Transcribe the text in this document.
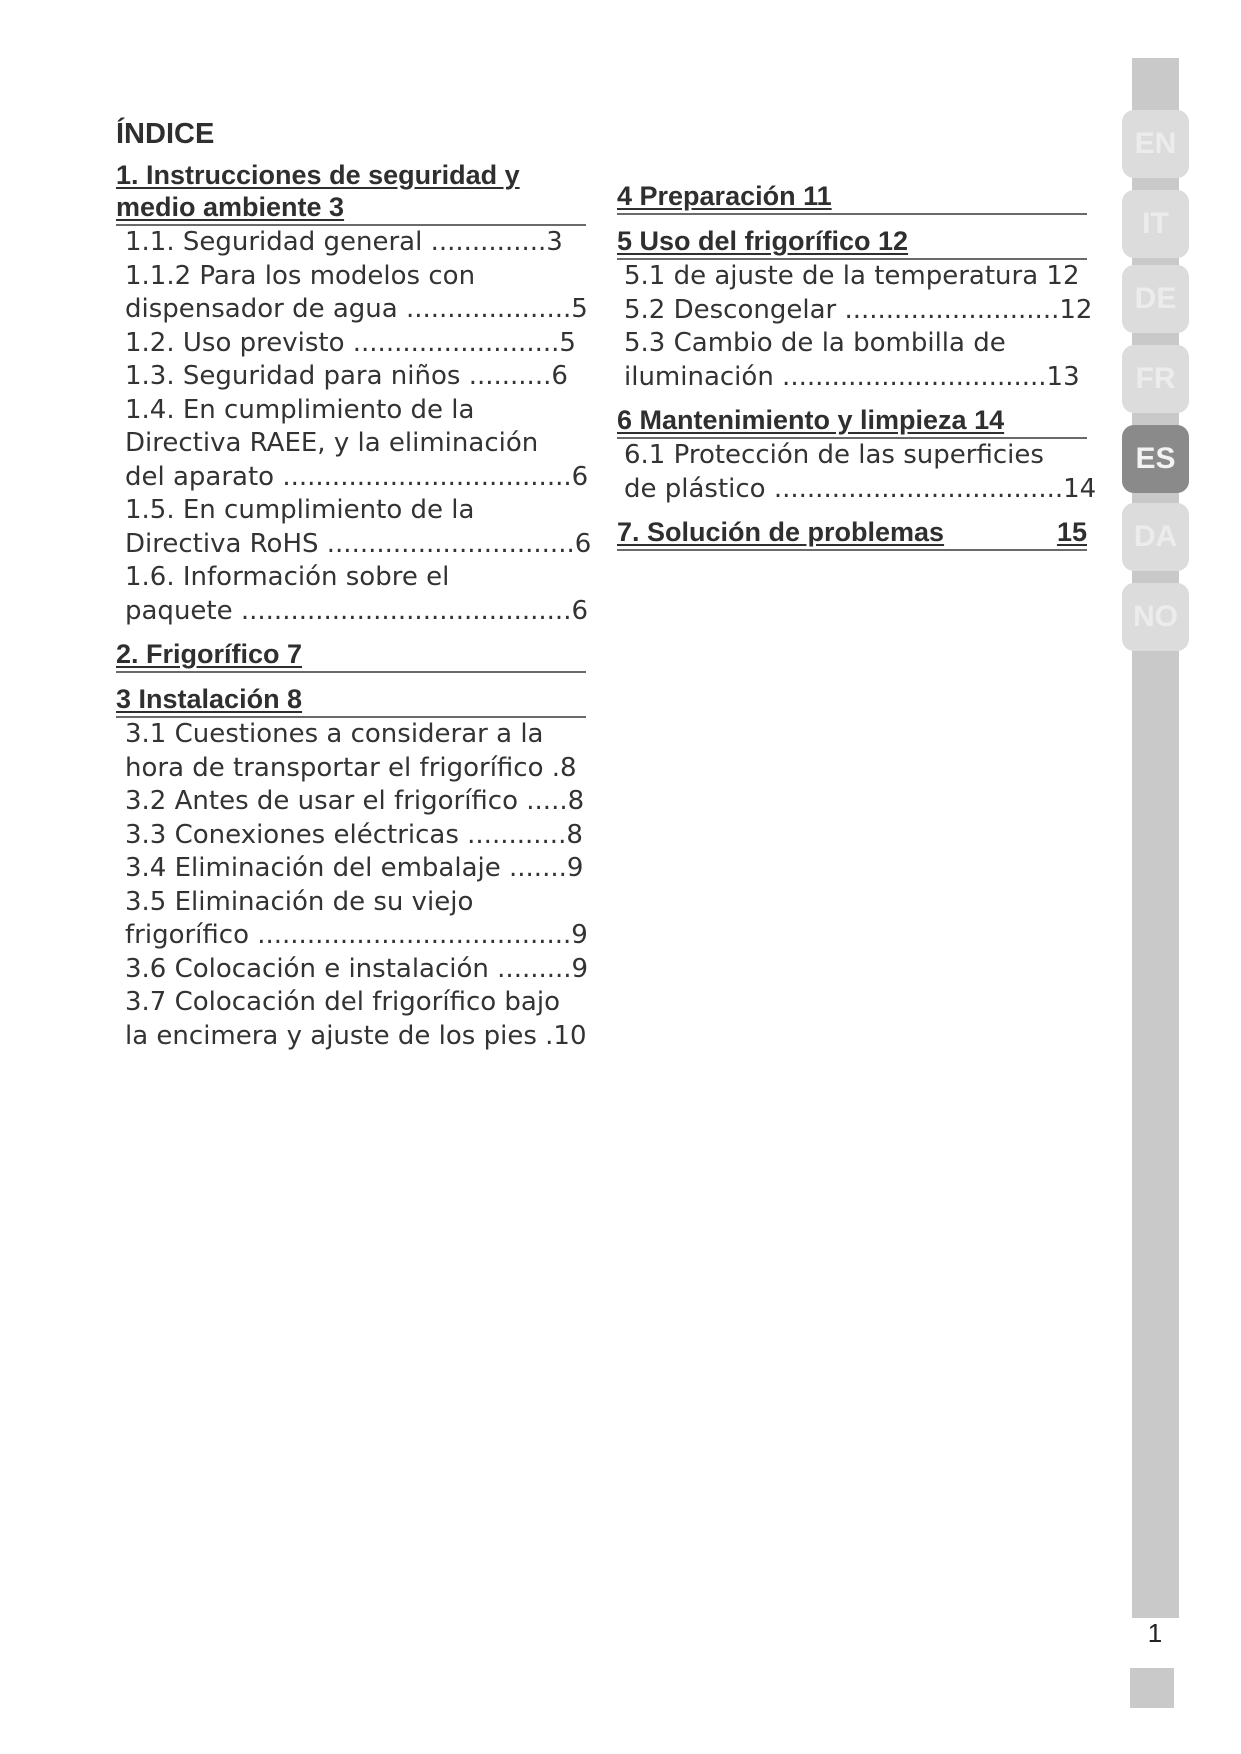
ÍNDICE
1. Instrucciones de seguridad y
medio ambiente 3

1.1. Seguridad general ..............3

1.1.2 Para los modelos con

dispensador de agua ....................5

1.2. Uso previsto .........................5

1.3. Seguridad para niños ..........6

1.4. En cumplimiento de la

Directiva RAEE, y la eliminación

del aparato ...................................6

1.5. En cumplimiento de la

Directiva RoHS ..............................6

1.6. Información sobre el

paquete ........................................6

2. Frigorífico 7
3 Instalación 8

3.1 Cuestiones a considerar a la

hora de transportar el frigorífico .8

3.2 Antes de usar el frigorífico .....8

3.3 Conexiones eléctricas ............8

3.4 Eliminación del embalaje .......9

3.5 Eliminación de su viejo

frigorífico ......................................9

3.6 Colocación e instalación .........9

3.7 Colocación del frigorífico bajo

la encimera y ajuste de los pies .10

4 Preparación 11
5 Uso del frigorífico 12

5.1 de ajuste de la temperatura 12

5.2 Descongelar ..........................12

5.3 Cambio de la bombilla de

iluminación ................................13

6 Mantenimiento y limpieza 14

6.1 Protección de las superficies

de plástico ...................................14

7. Solución de problemas	15
EN
IT
DE
FR
ES
DA
NO
1
